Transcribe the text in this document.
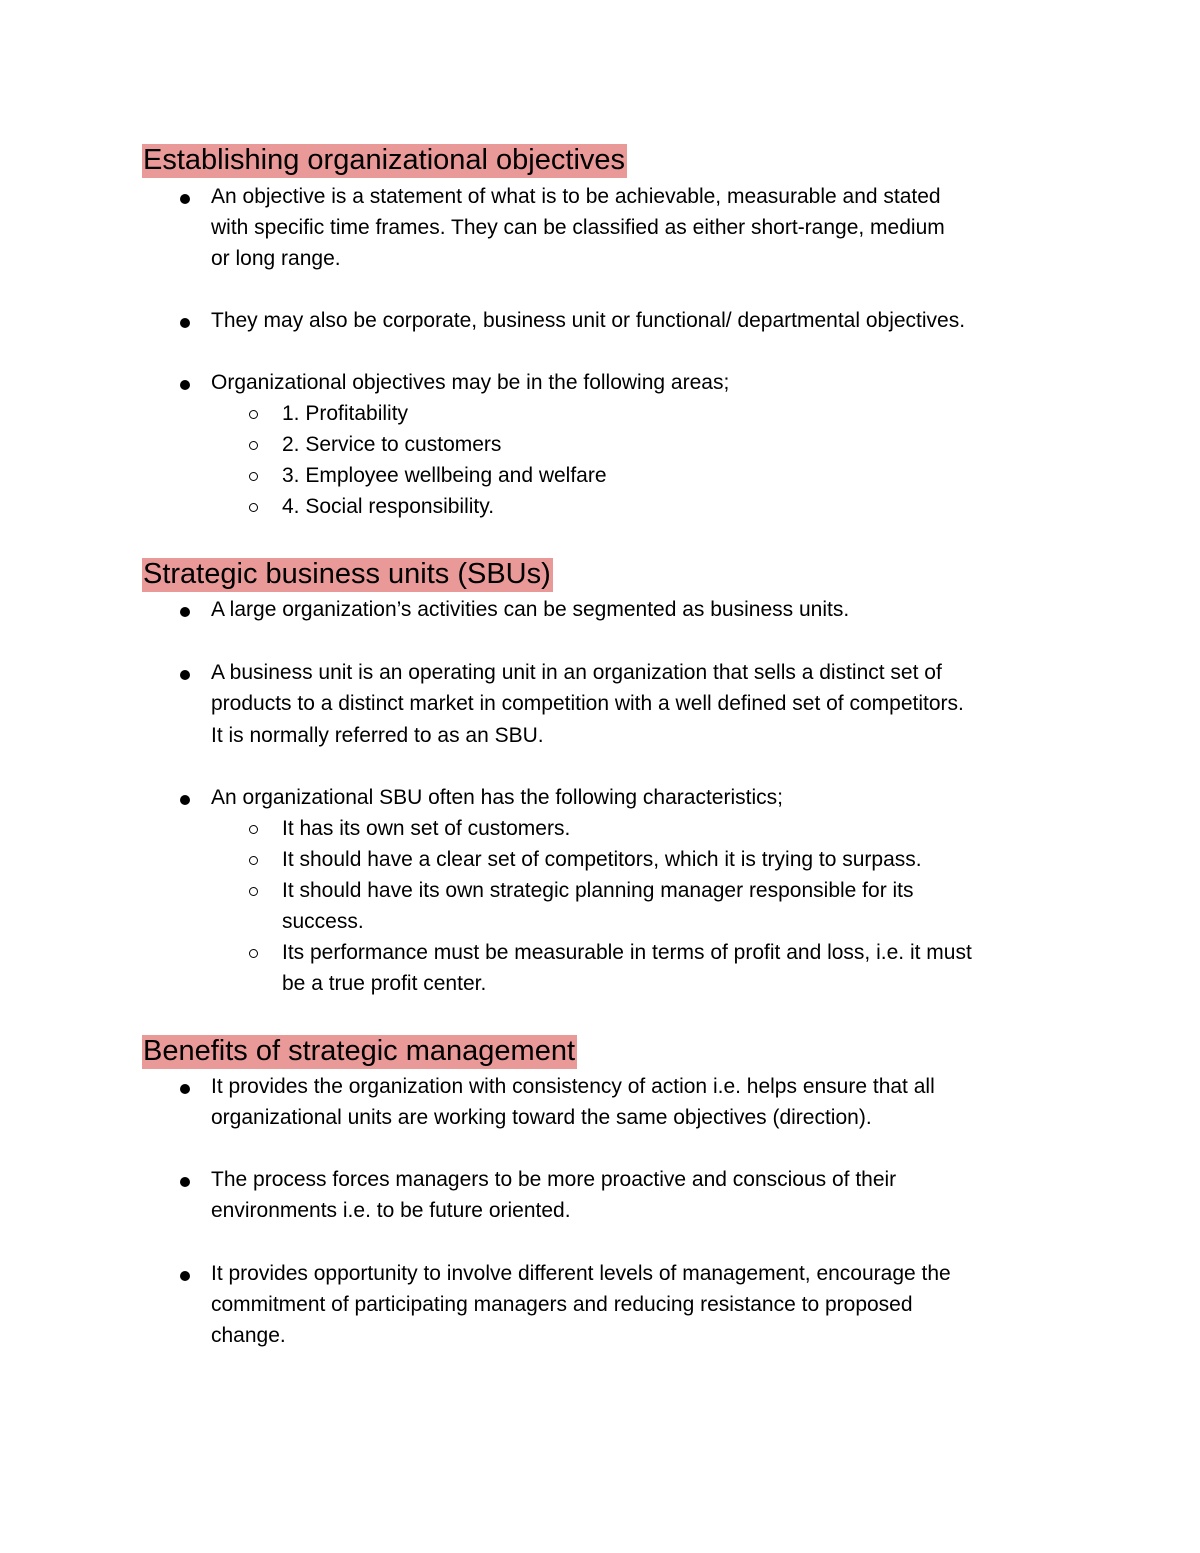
Establishing organizational objectives

An objective is a statement of what is to be achievable, measurable and stated

with specific time frames. They can be classified as either short-range, medium

or long range.

They may also be corporate, business unit or functional/ departmental objectives.

Organizational objectives may be in the following areas;

1. Profitability

2. Service to customers

3. Employee wellbeing and welfare

4. Social responsibility.

Strategic business units (SBUs)

A large organization’s activities can be segmented as business units.

A business unit is an operating unit in an organization that sells a distinct set of

products to a distinct market in competition with a well defined set of competitors.

It is normally referred to as an SBU.

An organizational SBU often has the following characteristics;

It has its own set of customers.

It should have a clear set of competitors, which it is trying to surpass.

It should have its own strategic planning manager responsible for its

success.

Its performance must be measurable in terms of profit and loss, i.e. it must

be a true profit center.

Benefits of strategic management

It provides the organization with consistency of action i.e. helps ensure that all

organizational units are working toward the same objectives (direction).

The process forces managers to be more proactive and conscious of their

environments i.e. to be future oriented.

It provides opportunity to involve different levels of management, encourage the

commitment of participating managers and reducing resistance to proposed

change.
